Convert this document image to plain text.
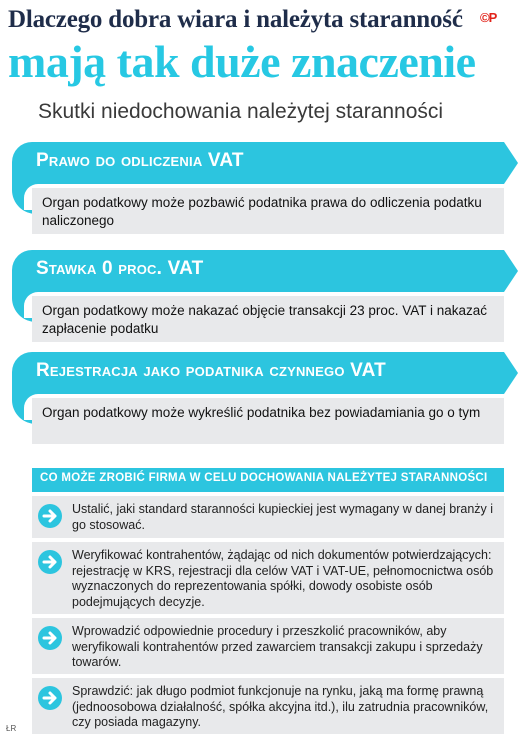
Dlaczego dobra wiara i należyta staranność	©P
mają tak duże znaczenie
Skutki niedochowania należytej staranności
Prawo do odliczenia VAT
Organ podatkowy może pozbawić podatnika prawa do odliczenia podatku naliczonego
Stawka 0 proc. VAT
Organ podatkowy może nakazać objęcie transakcji 23 proc. VAT i nakazać zapłacenie podatku
Rejestracja jako podatnika czynnego VAT
Organ podatkowy może wykreślić podatnika bez powiadamiania go o tym
CO MOŻE ZROBIĆ FIRMA W CELU DOCHOWANIA NALEŻYTEJ STARANNOŚCI
Ustalić, jaki standard staranności kupieckiej jest wymagany w danej branży i go stosować.
Weryfikować kontrahentów, żądając od nich dokumentów potwierdzających: rejestrację w KRS, rejestracji dla celów VAT i VAT-UE, pełnomocnictwa osób wyznaczonych do reprezentowania spółki, dowody osobiste osób podejmujących decyzje.
Wprowadzić odpowiednie procedury i przeszkolić pracowników, aby weryfikowali kontrahentów przed zawarciem transakcji zakupu i sprzedaży towarów.
Sprawdzić: jak długo podmiot funkcjonuje na rynku, jaką ma formę prawną (jednoosobowa działalność, spółka akcyjna itd.), ilu zatrudnia pracowników, czy posiada magazyny.
ŁR
